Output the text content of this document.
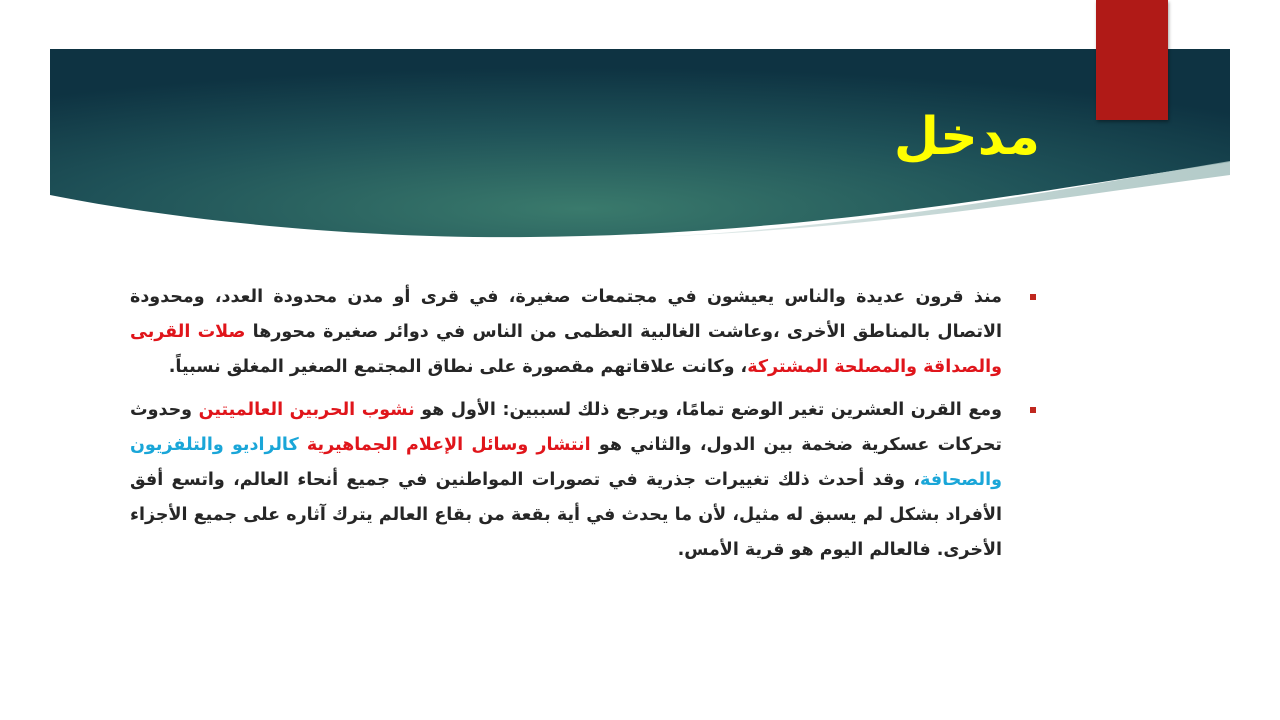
مدخل
منذ قرون عديدة والناس يعيشون في مجتمعات صغيرة، في قرى أو مدن محدودة العدد، ومحدودة الاتصال بالمناطق الأخرى ،وعاشت الغالبية العظمى من الناس في دوائر صغيرة محورها صلات القربى والصداقة والمصلحة المشتركة، وكانت علاقاتهم مقصورة على نطاق المجتمع الصغير المغلق نسبياً.
ومع القرن العشرين تغير الوضع تمامًا، ويرجع ذلك لسببين: الأول هو نشوب الحربين العالميتين وحدوث تحركات عسكرية ضخمة بين الدول، والثاني هو انتشار وسائل الإعلام الجماهيرية كالراديو والتلفزيون والصحافة، وقد أحدث ذلك تغييرات جذرية في تصورات المواطنين في جميع أنحاء العالم، واتسع أفق الأفراد بشكل لم يسبق له مثيل، لأن ما يحدث في أية بقعة من بقاع العالم يترك آثاره على جميع الأجزاء الأخرى. فالعالم اليوم هو قرية الأمس.
